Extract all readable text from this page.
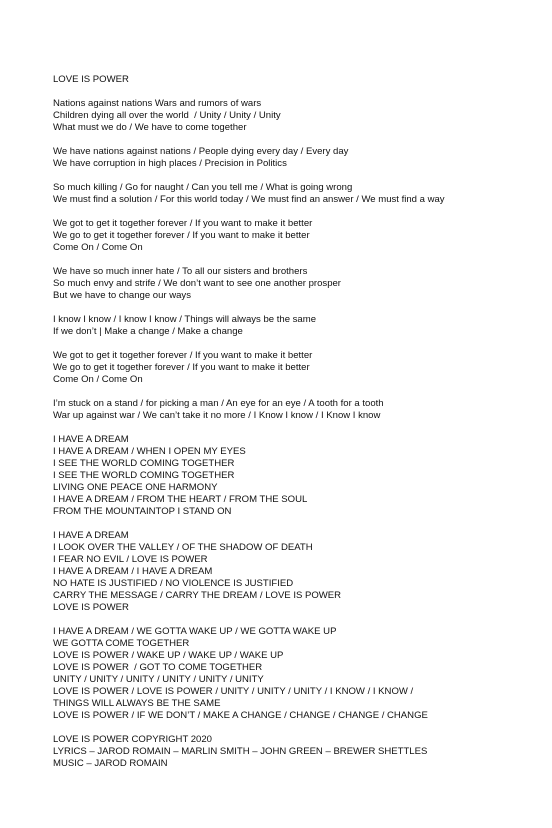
LOVE IS POWER
Nations against nations Wars and rumors of wars
Children dying all over the world  / Unity / Unity / Unity
What must we do / We have to come together
We have nations against nations / People dying every day / Every day
We have corruption in high places / Precision in Politics
So much killing / Go for naught / Can you tell me / What is going wrong
We must find a solution / For this world today / We must find an answer / We must find a way
We got to get it together forever / If you want to make it better
We go to get it together forever / If you want to make it better
Come On / Come On
We have so much inner hate / To all our sisters and brothers
So much envy and strife / We don’t want to see one another prosper
But we have to change our ways
I know I know / I know I know / Things will always be the same
If we don’t | Make a change / Make a change
We got to get it together forever / If you want to make it better
We go to get it together forever / If you want to make it better
Come On / Come On
I’m stuck on a stand / for picking a man / An eye for an eye / A tooth for a tooth
War up against war / We can’t take it no more / I Know I know / I Know I know
I HAVE A DREAM
I HAVE A DREAM / WHEN I OPEN MY EYES
I SEE THE WORLD COMING TOGETHER
I SEE THE WORLD COMING TOGETHER
LIVING ONE PEACE ONE HARMONY
I HAVE A DREAM / FROM THE HEART / FROM THE SOUL
FROM THE MOUNTAINTOP I STAND ON
I HAVE A DREAM
I LOOK OVER THE VALLEY / OF THE SHADOW OF DEATH
I FEAR NO EVIL / LOVE IS POWER
I HAVE A DREAM / I HAVE A DREAM
NO HATE IS JUSTIFIED / NO VIOLENCE IS JUSTIFIED
CARRY THE MESSAGE / CARRY THE DREAM / LOVE IS POWER
LOVE IS POWER
I HAVE A DREAM / WE GOTTA WAKE UP / WE GOTTA WAKE UP
WE GOTTA COME TOGETHER
LOVE IS POWER / WAKE UP / WAKE UP / WAKE UP
LOVE IS POWER  / GOT TO COME TOGETHER
UNITY / UNITY / UNITY / UNITY / UNITY / UNITY
LOVE IS POWER / LOVE IS POWER / UNITY / UNITY / UNITY / I KNOW / I KNOW /
THINGS WILL ALWAYS BE THE SAME
LOVE IS POWER / IF WE DON’T / MAKE A CHANGE / CHANGE / CHANGE / CHANGE
LOVE IS POWER COPYRIGHT 2020
LYRICS – JAROD ROMAIN – MARLIN SMITH – JOHN GREEN – BREWER SHETTLES
MUSIC – JAROD ROMAIN
